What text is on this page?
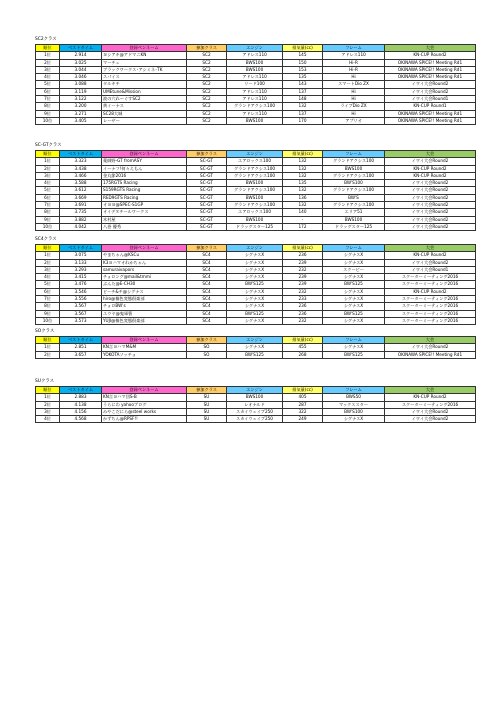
SC2クラス
順位	ベストタイム	登録ペンネーム	参加クラス	エンジン	排気量(cc)	フレーム	大会
1位	2.914	ヨシアキ@アドマニKN	SC2	アドレス110	145	アドレス110	KN-CUP Round2
2位	3.025	マーチュ	SC2	BWS100	150	Hi-R	OKINAWA SPICE!! Meeting Rd1
3位	3.044	ブラックワークス･アシミネ･TK	SC2	BWS100	153	Hi-R	OKINAWA SPICE!! Meeting Rd1
4位	3.046	スパイス	SC2	アドレス110	135	Hi	OKINAWA SPICE!! Meeting Rd1
5位	3.088	タルキチ	SC2	リード100	143	スマートDio ZX	イワイ大会Round2
6位	3.119	UMEtune&Mission	SC2	アドレス110	137	Hi	イワイ大会Round2
7位	3.122	波の穴れ～ぐすSC2	SC2	アドレス110	148	Hi	イワイ大会Round1
8位	3.200	黄イーナス	SC2	グランドアクシス100	132	ライブDio ZX	KN-CUP Round1
9位	3.271	SC28大城	SC2	アドレス110	137	Hi	OKINAWA SPICE!! Meeting Rd1
10位	3.405	レーザー	SC2	BWS100	170	アプリオ	OKINAWA SPICE!! Meeting Rd1
SC-GTクラス
順位	ベストタイム	登録ペンネーム	参加クラス	エンジン	排気量(cc)	フレーム	大会
1位	3.323	薬師野-GT fromASY	SC-GT	エアロックス100	132	グランドアクシス100	イワイ大会Round2
2位	3.438	イーナフ!何々えもん	SC-GT	グランドアクシス100	132	BWS100	KN-CUP Round2
3位	3.466	金丸節2016	SC-GT	グランドアクシス100	132	グランドアクシス100	KN-CUP Round2
4位	3.588	175RGTS Racing	SC-GT	BWS100	135	BW'S100	イワイ大会Round2
5位	3.612	S159RGTS Racing	SC-GT	グランドアクシス100	132	グランドアクシス100	イワイ大会Round2
6位	3.669	RED9GTS Racing	SC-GT	BWS100	136	BW'S	イワイ大会Round2
7位	3.691	オヨヨ@SPEC-S1GP	SC-GT	グランドアクシス100	132	グランドアクシス100	イワイ大会Round2
8位	3.735	オイデヌチールワークス	SC-GT	エアロックス100	140	エリア51	イワイ大会Round2
9位	3.882	木村屋	SC-GT	BWS100	-	BWS100	イワイ大会Round2
10位	4.042	八巻 優秀	SC-GT	ドラッグスター125	172	ドラッグスター125	イワイ大会Round2
SC4クラス
順位	ベストタイム	登録ペンネーム	参加クラス	エンジン	排気量(cc)	フレーム	大会
1位	3.075	やまちゃん@KSCu	SC4	シグナスX	236	シグナスX	KN-CUP Round2
2位	3.133	K3ヨハマオれかちゃん	SC4	シグナスX	239	シグナスX	イワイ大会Round2
3位	3.293	samuraivapors	SC4	シグナスX	232	スクーピー	イワイ大会Round1
4位	3.415	チョロング@mail&tmmi	SC4	シグナスX	239	シグナスX	スクーターミーティング2016
5位	3.476	ぶんた@E-CH30	SC4	BW'S125	239	BW'S125	スクーターミーティング2016
6位	3.546	ピーチ&チ@シグナス	SC4	シグナスX	232	シグナスX	KN-CUP Round2
7位	3.556	hiro@楠色変態倶楽部	SC4	シグナスX	233	シグナスX	スクーターミーティング2016
8位	3.567	チョロBW's	SC4	シグナスX	236	シグナスX	スクーターミーティング2016
9位	3.567	ユウヤ@鬼軍曹	SC4	BW'S125	236	BW'S125	スクーターミーティング2016
10位	3.573	YUJI@楠色変態倶楽部	SC4	シグナスX	232	シグナスX	スクーターミーティング2016
SOクラス
順位	ベストタイム	登録ペンネーム	参加クラス	エンジン	排気量(cc)	フレーム	大会
1位	2.851	KN言ヨハマM&M	SO	シグナスX	455	シグナスX	イワイ大会Round2
2位	3.657	YOKOTAソッチョ	SO	BW'S125	268	BW'S125	OKINAWA SPICE!! Meeting Rd1
SUクラス
順位	ベストタイム	登録ペンネーム	参加クラス	エンジン	排気量(cc)	フレーム	大会
1位	2.883	KN言ヨハマ団S-B	SU	BWS100	405	BWS50	KN-CUP Round2
2位	4.138	うらにわ yahooブログ	SU	レオナルド	287	マックススター	スクーターミーティング2016
3位	4.156	みやこだにら@steel works	SU	スカイウェイブ250	322	BW'S100	イワイ大会Round2
4位	4.568	かずちん@RPSF!!	SU	スカイウェイブ250	249	シグナスX	イワイ大会Round2
